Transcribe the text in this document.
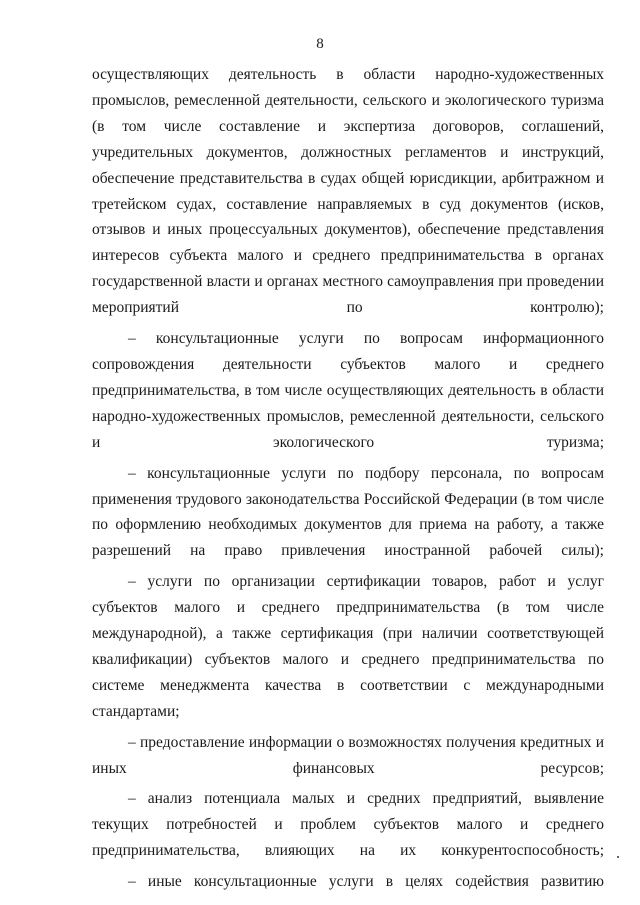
8

осуществляющих деятельность в области народно-художественных промыслов, ремесленной деятельности, сельского и экологического туризма (в том числе составление и экспертиза договоров, соглашений, учредительных документов, должностных регламентов и инструкций, обеспечение представительства в судах общей юрисдикции, арбитражном и третейском судах, составление направляемых в суд документов (исков, отзывов и иных процессуальных документов), обеспечение представления интересов субъекта малого и среднего предпринимательства в органах государственной власти и органах местного самоуправления при проведении мероприятий по контролю);

– консультационные услуги по вопросам информационного сопровождения деятельности субъектов малого и среднего предпринимательства, в том числе осуществляющих деятельность в области народно-художественных промыслов, ремесленной деятельности, сельского и экологического туризма;

– консультационные услуги по подбору персонала, по вопросам применения трудового законодательства Российской Федерации (в том числе по оформлению необходимых документов для приема на работу, а также разрешений на право привлечения иностранной рабочей силы);

– услуги по организации сертификации товаров, работ и услуг субъектов малого и среднего предпринимательства (в том числе международной), а также сертификация (при наличии соответствующей квалификации) субъектов малого и среднего предпринимательства по системе менеджмента качества в соответствии с международными стандартами;

– предоставление информации о возможностях получения кредитных и иных финансовых ресурсов;

– анализ потенциала малых и средних предприятий, выявление текущих потребностей и проблем субъектов малого и среднего предпринимательства, влияющих на их конкурентоспособность;

– иные консультационные услуги в целях содействия развитию
